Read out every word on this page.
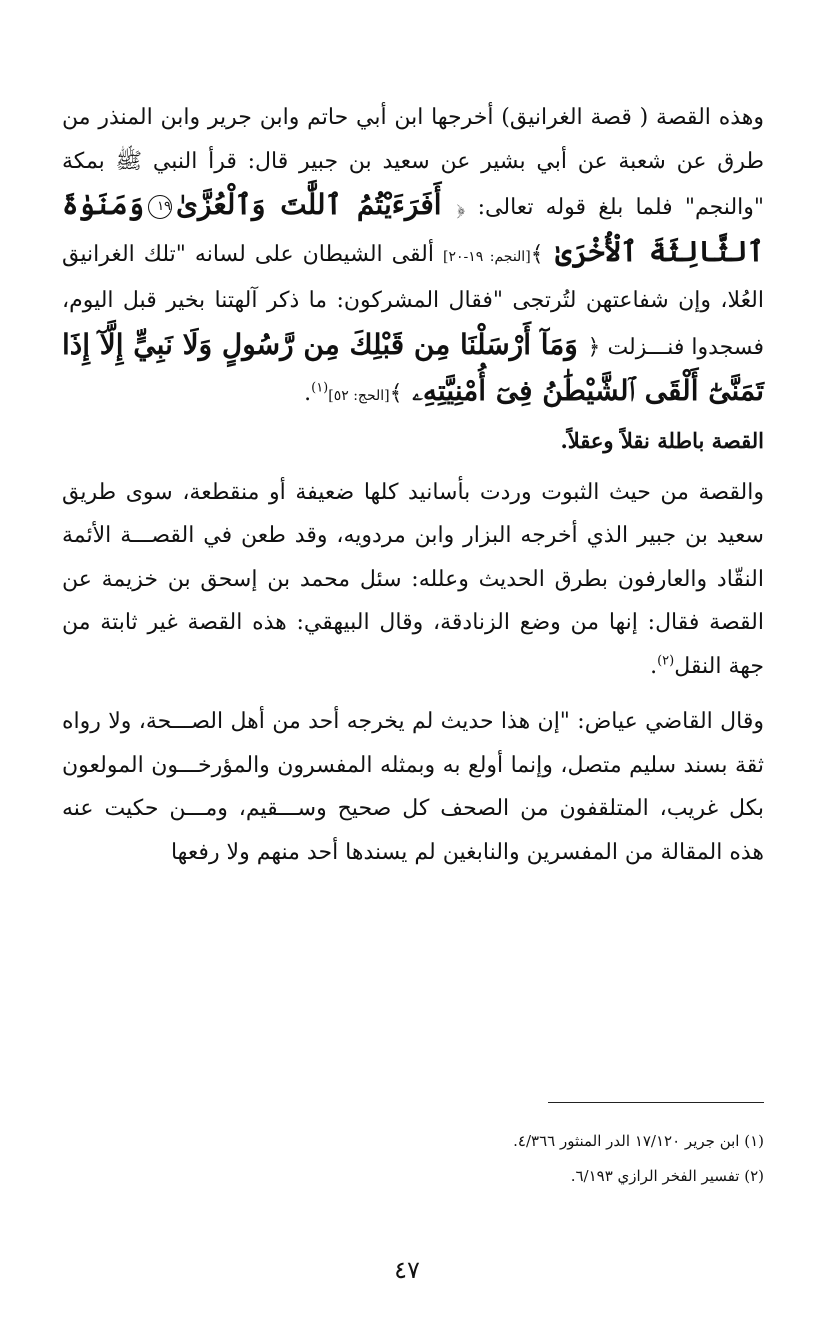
وهذه القصة ( قصة الغرانيق) أخرجها ابن أبي حاتم وابن جرير وابن المنذر من طرق عن شعبة عن أبي بشير عن سعيد بن جبير قال: قرأ النبي ﷺ بمكة "والنجم" فلما بلغ قوله تعالى: ﴿ أَفَرَءَيْتُمُ ٱللَّٰتَ وَٱلْعُزَّىٰ١٩وَمَنَوٰةَ ٱلثَّالِثَةَ ٱلْأُخْرَىٰ ﴾[النجم: ١٩-٢٠] ألقى الشيطان على لسانه "تلك الغرانيق العُلا، وإن شفاعتهن لتُرتجى "فقال المشركون: ما ذكر آلهتنا بخير قبل اليوم، فسجدوا فنـــزلت ﴿ وَمَآ أَرْسَلْنَا مِن قَبْلِكَ مِن رَّسُولٍ وَلَا نَبِيٍّ إِلَّآ إِذَا تَمَنَّىٰٓ أَلْقَى ٱلشَّيْطَٰنُ فِىٓ أُمْنِيَّتِهِۦ ﴾[الحج: ٥٢]$^{(١)}$.

القصة باطلة نقلاً وعقلاً.

والقصة من حيث الثبوت وردت بأسانيد كلها ضعيفة أو منقطعة، سوى طريق سعيد بن جبير الذي أخرجه البزار وابن مردويه، وقد طعن في القصـــة الأئمة النقّاد والعارفون بطرق الحديث وعلله: سئل محمد بن إسحق بن خزيمة عن القصة فقال: إنها من وضع الزنادقة، وقال البيهقي: هذه القصة غير ثابتة من جهة النقل$^{(٢)}$.

وقال القاضي عياض: "إن هذا حديث لم يخرجه أحد من أهل الصـــحة، ولا رواه ثقة بسند سليم متصل، وإنما أولع به وبمثله المفسرون والمؤرخـــون المولعون بكل غريب، المتلقفون من الصحف كل صحيح وســـقيم، ومـــن حكيت عنه هذه المقالة من المفسرين والنابغين لم يسندها أحد منهم ولا رفعها

(١) ابن جرير ١٧/١٢٠ الدر المنثور ٤/٣٦٦.

(٢) تفسير الفخر الرازي ٦/١٩٣.

٤٧
